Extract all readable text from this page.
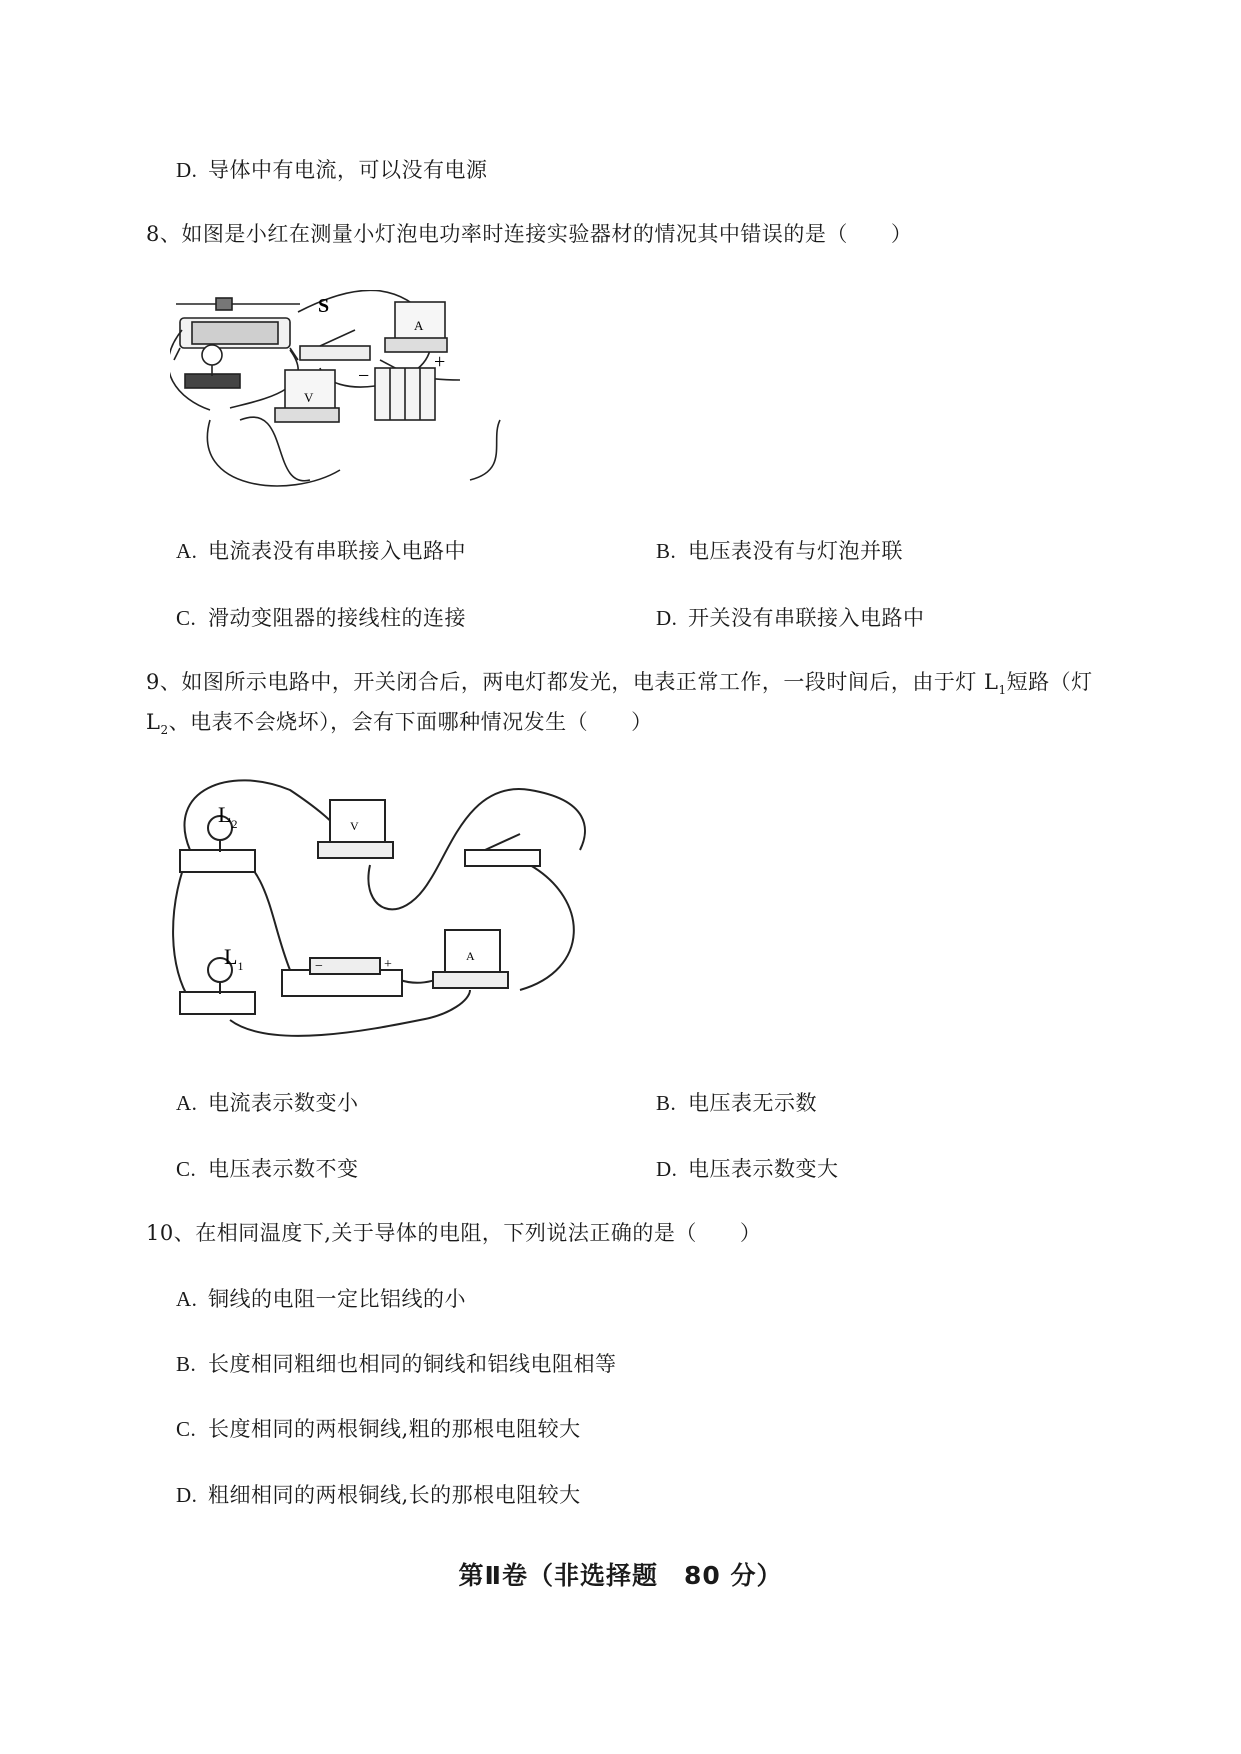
D. 导体中有电流，可以没有电源
8、如图是小红在测量小灯泡电功率时连接实验器材的情况其中错误的是（　　）
S
A
V
−
+
A. 电流表没有串联接入电路中	B. 电压表没有与灯泡并联
C. 滑动变阻器的接线柱的连接	D. 开关没有串联接入电路中
9、如图所示电路中，开关闭合后，两电灯都发光，电表正常工作，一段时间后，由于灯 $L_1$短路（灯
$L_2$、电表不会烧坏），会有下面哪种情况发生（　　）
$L_2$
$L_1$
V
A
−	+
A. 电流表示数变小	B. 电压表无示数
C. 电压表示数不变	D. 电压表示数变大
10、在相同温度下,关于导体的电阻，下列说法正确的是（　　）
A. 铜线的电阻一定比铝线的小
B. 长度相同粗细也相同的铜线和铝线电阻相等
C. 长度相同的两根铜线,粗的那根电阻较大
D. 粗细相同的两根铜线,长的那根电阻较大
第Ⅱ卷（非选择题　80 分）
